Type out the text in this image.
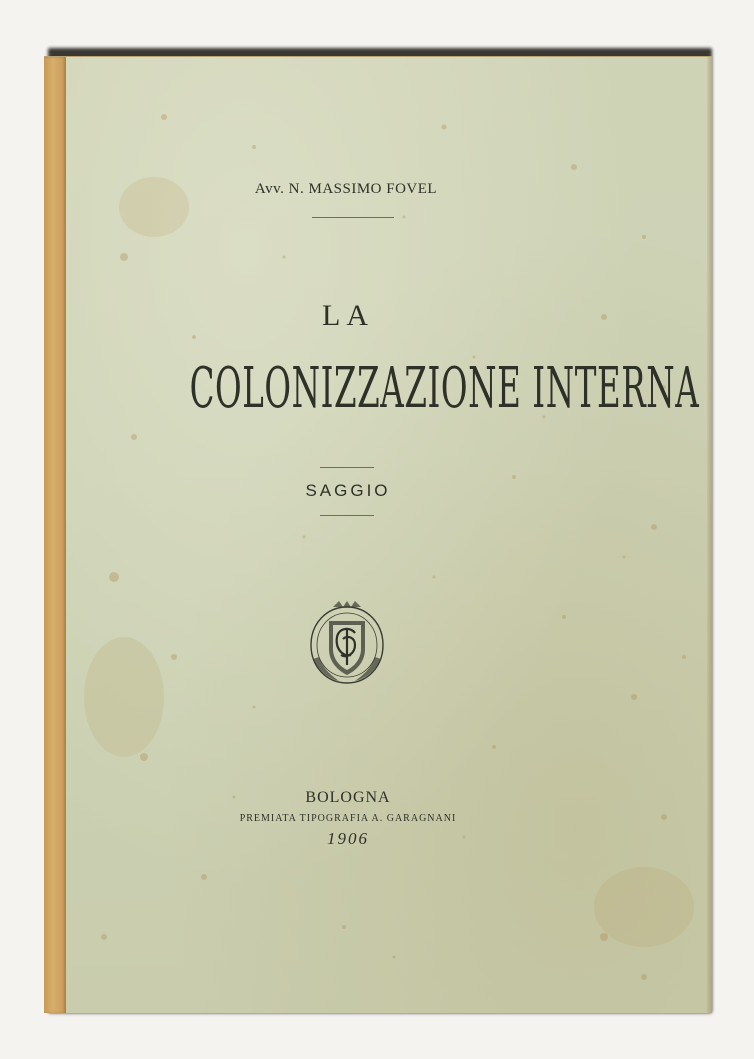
Avv. N. MASSIMO FOVEL
LA
COLONIZZAZIONE INTERNA
SAGGIO
BOLOGNA
PREMIATA TIPOGRAFIA A. GARAGNANI
1906
